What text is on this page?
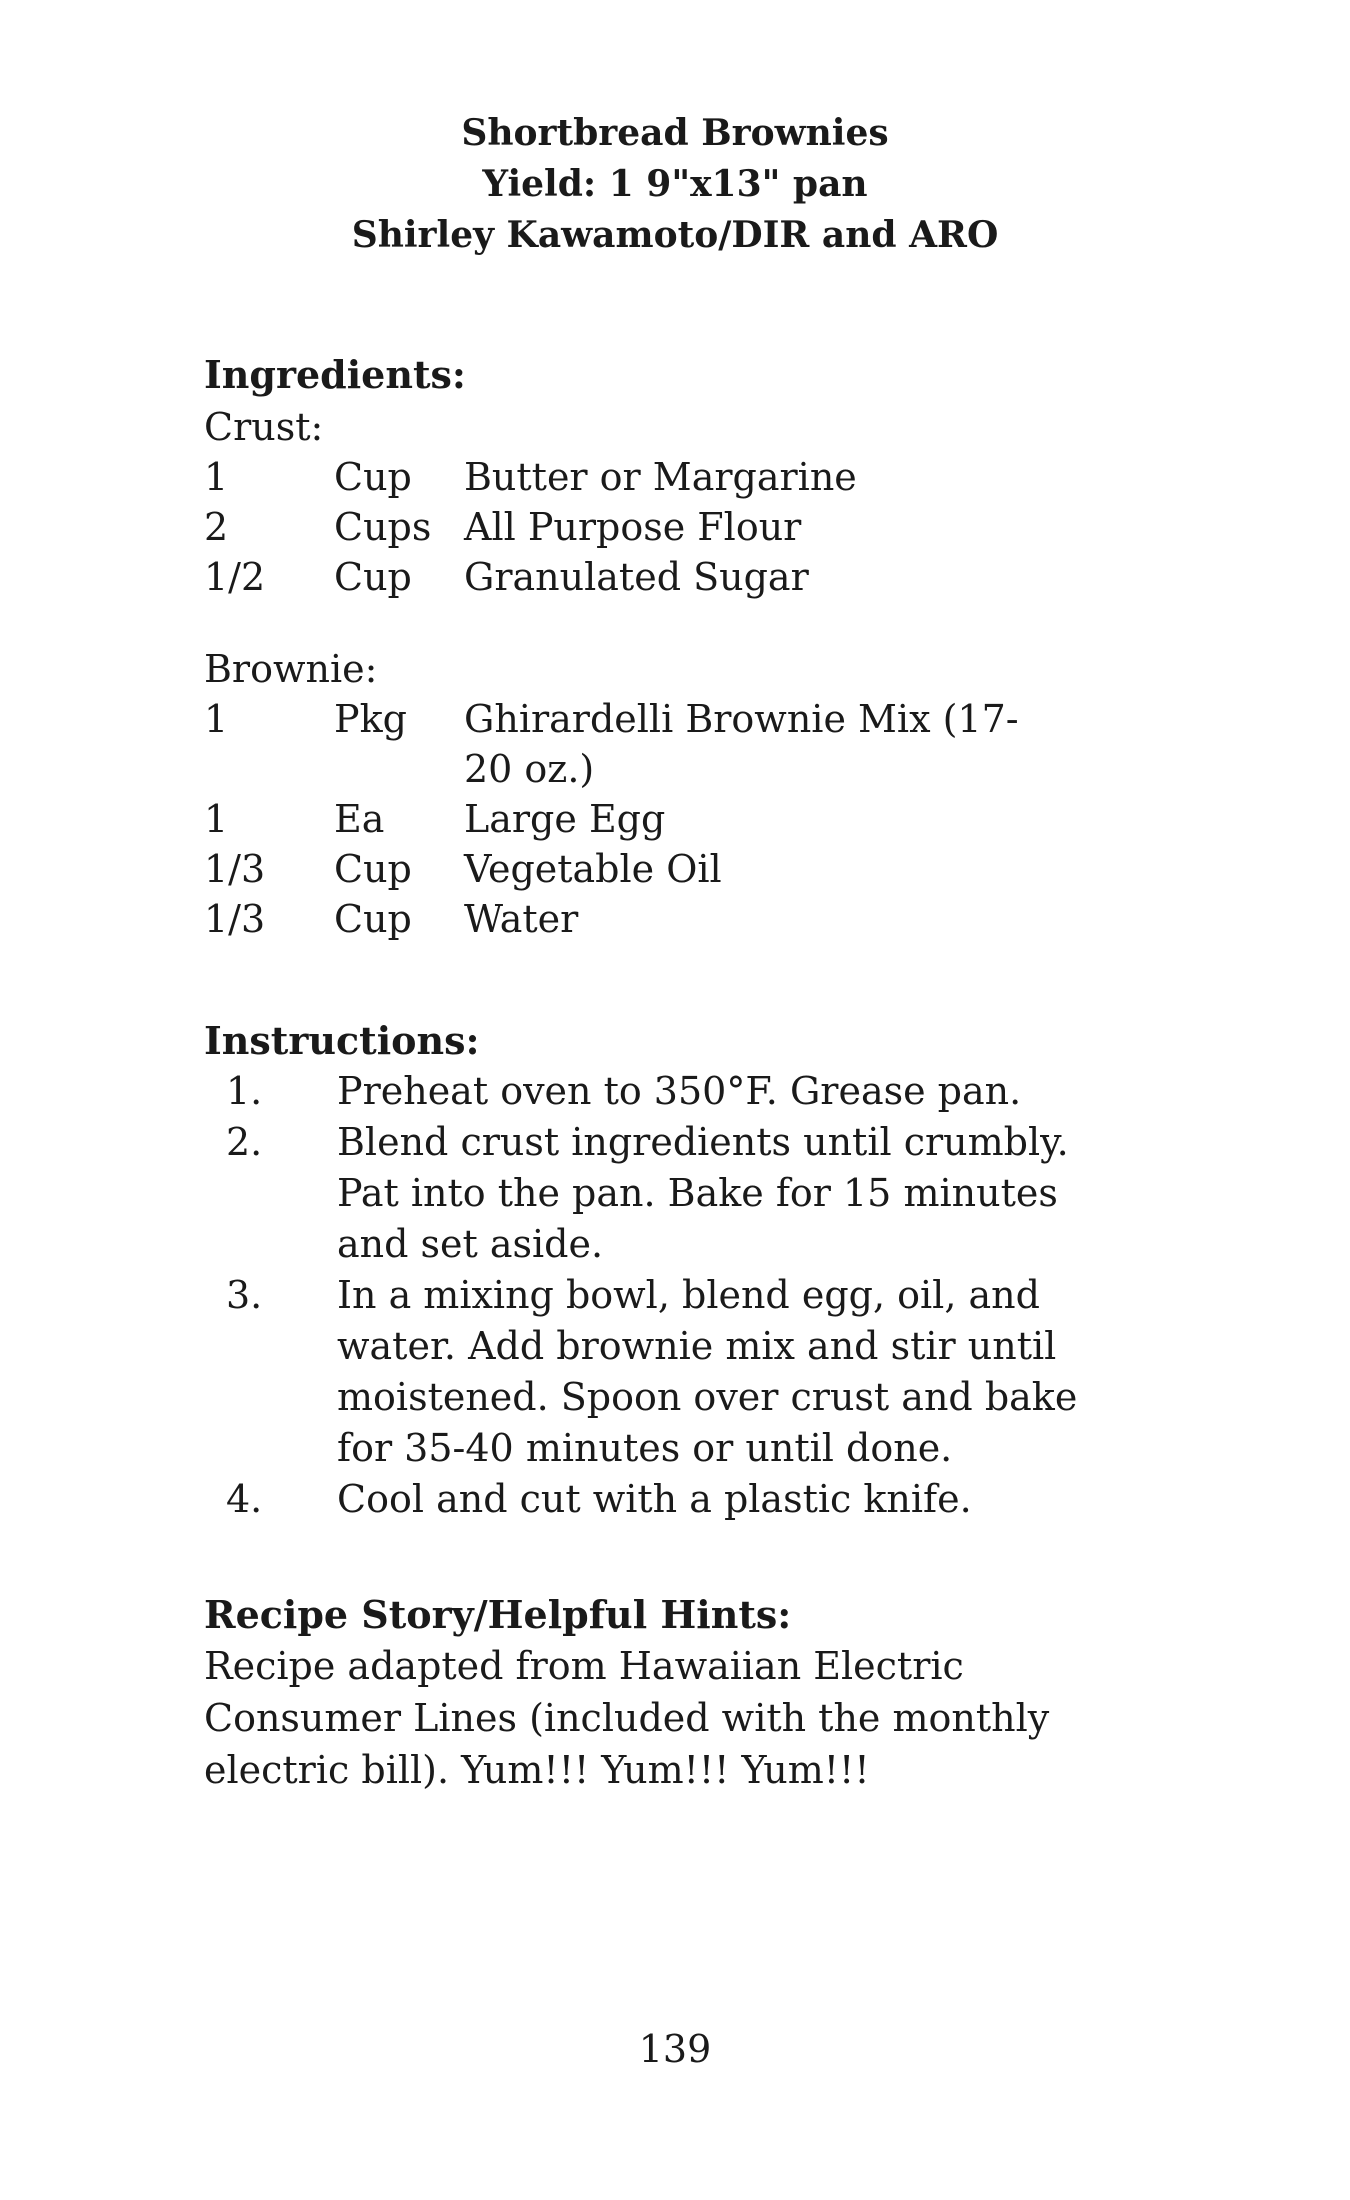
Shortbread Brownies
Yield: 1 9"x13" pan
Shirley Kawamoto/DIR and ARO
Ingredients:
Crust:
1	Cup	Butter or Margarine
2	Cups All Purpose Flour
1/2	Cup	Granulated Sugar
Brownie:
1	Pkg	Ghirardelli Brownie Mix (17-20 oz.)
1	Ea	Large Egg
1/3	Cup	Vegetable Oil
1/3	Cup	Water
Instructions:
1.	Preheat oven to 350°F. Grease pan.
2.	Blend crust ingredients until crumbly. Pat into the pan. Bake for 15 minutes and set aside.
3.	In a mixing bowl, blend egg, oil, and water. Add brownie mix and stir until moistened. Spoon over crust and bake for 35-40 minutes or until done.
4.	Cool and cut with a plastic knife.
Recipe Story/Helpful Hints:
Recipe adapted from Hawaiian Electric Consumer Lines (included with the monthly electric bill). Yum!!! Yum!!! Yum!!!
139
